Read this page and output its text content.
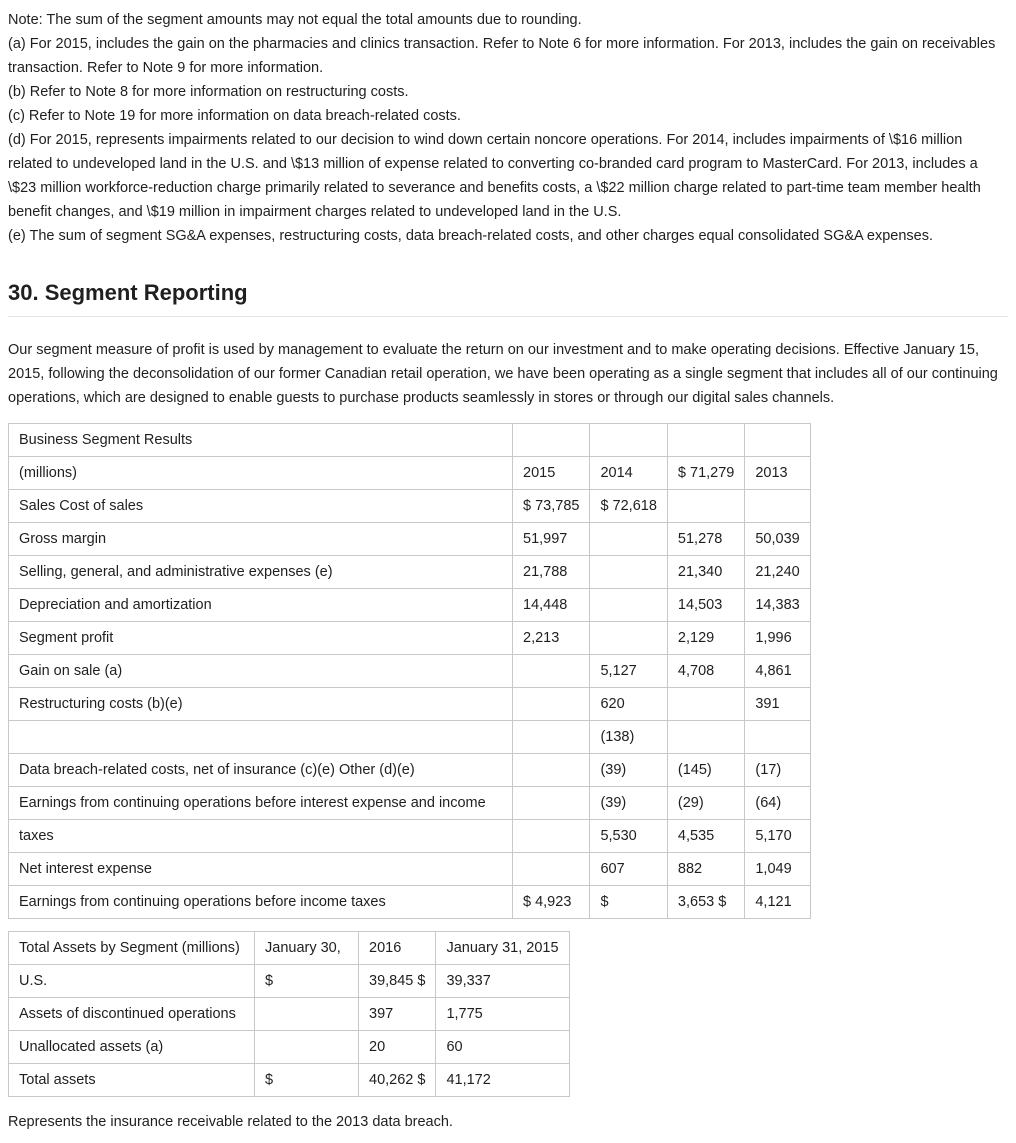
Note: The sum of the segment amounts may not equal the total amounts due to rounding.

(a) For 2015, includes the gain on the pharmacies and clinics transaction. Refer to Note 6 for more information. For 2013, includes the gain on receivables transaction. Refer to Note 9 for more information.

(b) Refer to Note 8 for more information on restructuring costs.

(c) Refer to Note 19 for more information on data breach-related costs.

(d) For 2015, represents impairments related to our decision to wind down certain noncore operations. For 2014, includes impairments of \$16 million related to undeveloped land in the U.S. and \$13 million of expense related to converting co-branded card program to MasterCard. For 2013, includes a \$23 million workforce-reduction charge primarily related to severance and benefits costs, a \$22 million charge related to part-time team member health benefit changes, and \$19 million in impairment charges related to undeveloped land in the U.S.

(e) The sum of segment SG&A expenses, restructuring costs, data breach-related costs, and other charges equal consolidated SG&A expenses.

30. Segment Reporting

Our segment measure of profit is used by management to evaluate the return on our investment and to make operating decisions. Effective January 15, 2015, following the deconsolidation of our former Canadian retail operation, we have been operating as a single segment that includes all of our continuing operations, which are designed to enable guests to purchase products seamlessly in stores or through our digital sales channels.

Business Segment Results				
(millions)	2015	2014	$ 71,279	2013
Sales Cost of sales	$ 73,785	$ 72,618		
Gross margin	51,997		51,278	50,039
Selling, general, and administrative expenses (e)	21,788		21,340	21,240
Depreciation and amortization	14,448		14,503	14,383
Segment profit	2,213		2,129	1,996
Gain on sale (a)		5,127	4,708	4,861
Restructuring costs (b)(e)		620		391
		(138)		
Data breach-related costs, net of insurance (c)(e) Other (d)(e)		(39)	(145)	(17)
Earnings from continuing operations before interest expense and income		(39)	(29)	(64)
taxes		5,530	4,535	5,170
Net interest expense		607	882	1,049
Earnings from continuing operations before income taxes	$ 4,923	$	3,653 $	4,121
Total Assets by Segment (millions)	January 30,	2016	January 31, 2015
U.S.	$	39,845 $	39,337
Assets of discontinued operations		397	1,775
Unallocated assets (a)		20	60
Total assets	$	40,262 $	41,172

Represents the insurance receivable related to the 2013 data breach.
